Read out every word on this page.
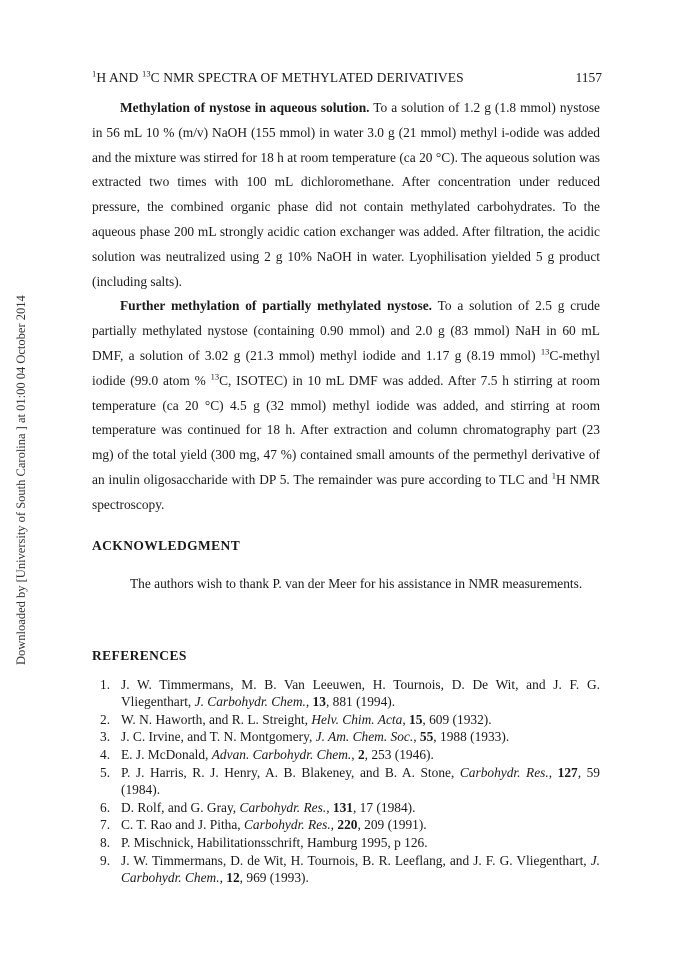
$^1$H AND $^{13}$C NMR SPECTRA OF METHYLATED DERIVATIVES	1157
Downloaded by [University of South Carolina ] at 01:00 04 October 2014

Methylation of nystose in aqueous solution. To a solution of 1.2 g (1.8 mmol) nystose in 56 mL 10 % (m/v) NaOH (155 mmol) in water 3.0 g (21 mmol) methyl i-odide was added and the mixture was stirred for 18 h at room temperature (ca 20 °C). The aqueous solution was extracted two times with 100 mL dichloromethane. After concentration under reduced pressure, the combined organic phase did not contain methylated carbohydrates. To the aqueous phase 200 mL strongly acidic cation exchanger was added. After filtration, the acidic solution was neutralized using 2 g 10% NaOH in water. Lyophilisation yielded 5 g product (including salts).

Further methylation of partially methylated nystose. To a solution of 2.5 g crude partially methylated nystose (containing 0.90 mmol) and 2.0 g (83 mmol) NaH in 60 mL DMF, a solution of 3.02 g (21.3 mmol) methyl iodide and 1.17 g (8.19 mmol) $^{13}$C-methyl iodide (99.0 atom % $^{13}$C, ISOTEC) in 10 mL DMF was added. After 7.5 h stirring at room temperature (ca 20 °C) 4.5 g (32 mmol) methyl iodide was added, and stirring at room temperature was continued for 18 h. After extraction and column chromatography part (23 mg) of the total yield (300 mg, 47 %) contained small amounts of the permethyl derivative of an inulin oligosaccharide with DP 5. The remainder was pure according to TLC and $^1$H NMR spectroscopy.

ACKNOWLEDGMENT

The authors wish to thank P. van der Meer for his assistance in NMR measurements.

REFERENCES

1. J. W. Timmermans, M. B. Van Leeuwen, H. Tournois, D. De Wit, and J. F. G. Vliegenthart, J. Carbohydr. Chem., 13, 881 (1994).
2. W. N. Haworth, and R. L. Streight, Helv. Chim. Acta, 15, 609 (1932).
3. J. C. Irvine, and T. N. Montgomery, J. Am. Chem. Soc., 55, 1988 (1933).
4. E. J. McDonald, Advan. Carbohydr. Chem., 2, 253 (1946).
5. P. J. Harris, R. J. Henry, A. B. Blakeney, and B. A. Stone, Carbohydr. Res., 127, 59 (1984).
6. D. Rolf, and G. Gray, Carbohydr. Res., 131, 17 (1984).
7. C. T. Rao and J. Pitha, Carbohydr. Res., 220, 209 (1991).
8. P. Mischnick, Habilitationsschrift, Hamburg 1995, p 126.
9. J. W. Timmermans, D. de Wit, H. Tournois, B. R. Leeflang, and J. F. G. Vliegenthart, J. Carbohydr. Chem., 12, 969 (1993).
